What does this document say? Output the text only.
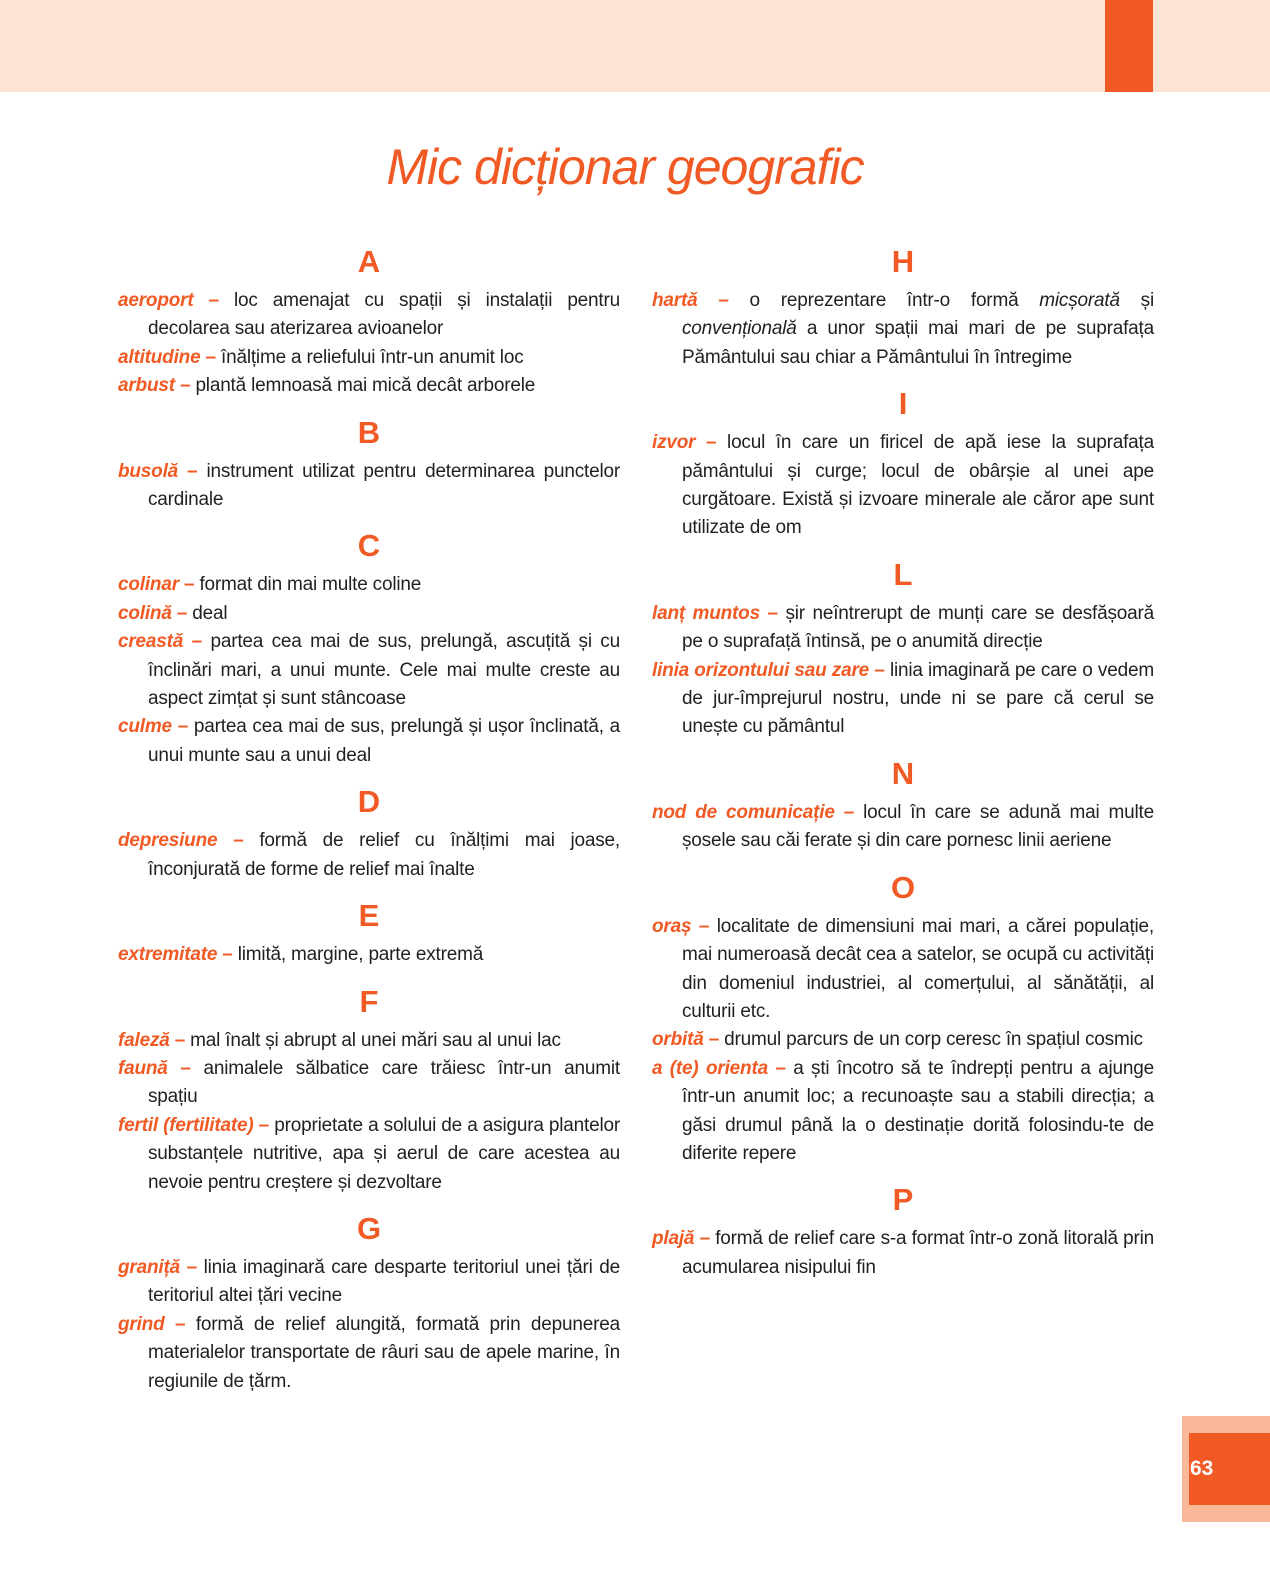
Mic dicționar geografic
A
aeroport – loc amenajat cu spații și instalații pentru decolarea sau aterizarea avioanelor
altitudine – înălțime a reliefului într-un anumit loc
arbust – plantă lemnoasă mai mică decât arborele
B
busolă – instrument utilizat pentru determinarea punctelor cardinale
C
colinar – format din mai multe coline
colină – deal
creastă – partea cea mai de sus, prelungă, ascuțită și cu înclinări mari, a unui munte. Cele mai multe creste au aspect zimțat și sunt stâncoase
culme – partea cea mai de sus, prelungă și ușor înclinată, a unui munte sau a unui deal
D
depresiune – formă de relief cu înălțimi mai joase, înconjurată de forme de relief mai înalte
E
extremitate – limită, margine, parte extremă
F
faleză – mal înalt și abrupt al unei mări sau al unui lac
faună – animalele sălbatice care trăiesc într-un anumit spațiu
fertil (fertilitate) – proprietate a solului de a asigura plantelor substanțele nutritive, apa și aerul de care acestea au nevoie pentru creștere și dezvoltare
G
graniță – linia imaginară care desparte teritoriul unei țări de teritoriul altei țări vecine
grind – formă de relief alungită, formată prin depunerea materialelor transportate de râuri sau de apele marine, în regiunile de țărm.
H
hartă – o reprezentare într-o formă micșorată și convențională a unor spații mai mari de pe suprafața Pământului sau chiar a Pământului în întregime
I
izvor – locul în care un firicel de apă iese la suprafața pământului și curge; locul de obârșie al unei ape curgătoare. Există și izvoare minerale ale căror ape sunt utilizate de om
L
lanț muntos – șir neîntrerupt de munți care se desfășoară pe o suprafață întinsă, pe o anumită direcție
linia orizontului sau zare – linia imaginară pe care o vedem de jur-împrejurul nostru, unde ni se pare că cerul se unește cu pământul
N
nod de comunicație – locul în care se adună mai multe șosele sau căi ferate și din care pornesc linii aeriene
O
oraș – localitate de dimensiuni mai mari, a cărei populație, mai numeroasă decât cea a satelor, se ocupă cu activități din domeniul industriei, al comerțului, al sănătății, al culturii etc.
orbită – drumul parcurs de un corp ceresc în spațiul cosmic
a (te) orienta – a ști încotro să te îndrepți pentru a ajunge într-un anumit loc; a recunoaște sau a stabili direcția; a găsi drumul până la o destinație dorită folosindu-te de diferite repere
P
plajă – formă de relief care s-a format într-o zonă litorală prin acumularea nisipului fin
63
